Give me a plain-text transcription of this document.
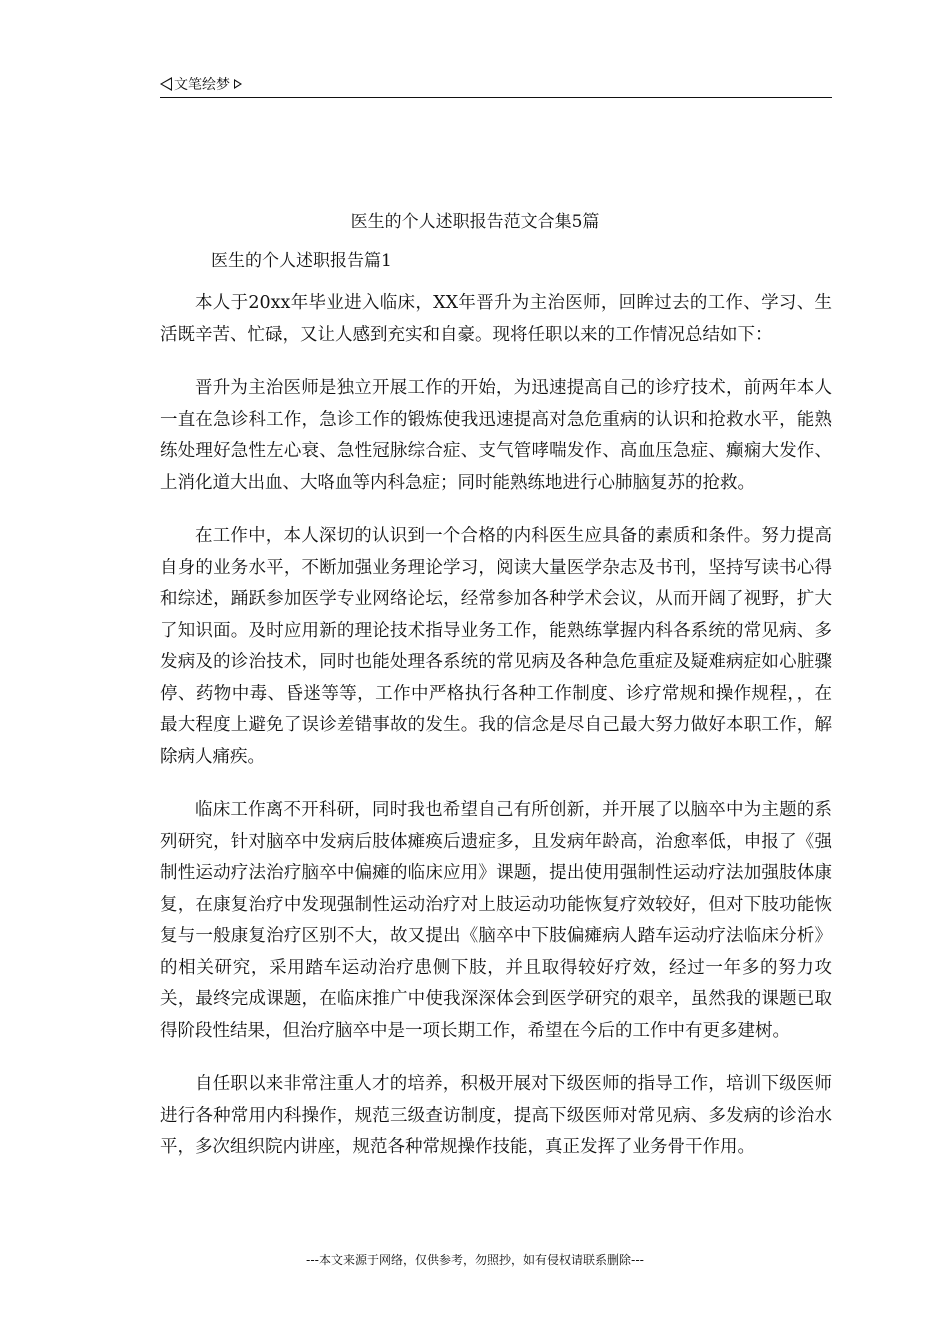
文笔绘梦
医生的个人述职报告范文合集5篇
医生的个人述职报告篇1

本人于20xx年毕业进入临床，XX年晋升为主治医师，回眸过去的工作、学习、生活既辛苦、忙碌，又让人感到充实和自豪。现将任职以来的工作情况总结如下：

晋升为主治医师是独立开展工作的开始，为迅速提高自己的诊疗技术，前两年本人一直在急诊科工作，急诊工作的锻炼使我迅速提高对急危重病的认识和抢救水平，能熟练处理好急性左心衰、急性冠脉综合症、支气管哮喘发作、高血压急症、癫痫大发作、上消化道大出血、大咯血等内科急症；同时能熟练地进行心肺脑复苏的抢救。

在工作中，本人深切的认识到一个合格的内科医生应具备的素质和条件。努力提高自身的业务水平，不断加强业务理论学习，阅读大量医学杂志及书刊，坚持写读书心得和综述，踊跃参加医学专业网络论坛，经常参加各种学术会议，从而开阔了视野，扩大了知识面。及时应用新的理论技术指导业务工作，能熟练掌握内科各系统的常见病、多发病及的诊治技术，同时也能处理各系统的常见病及各种急危重症及疑难病症如心脏骤停、药物中毒、昏迷等等，工作中严格执行各种工作制度、诊疗常规和操作规程，，在最大程度上避免了误诊差错事故的发生。我的信念是尽自己最大努力做好本职工作，解除病人痛疾。

临床工作离不开科研，同时我也希望自己有所创新，并开展了以脑卒中为主题的系列研究，针对脑卒中发病后肢体瘫痪后遗症多，且发病年龄高，治愈率低，申报了《强制性运动疗法治疗脑卒中偏瘫的临床应用》课题，提出使用强制性运动疗法加强肢体康复，在康复治疗中发现强制性运动治疗对上肢运动功能恢复疗效较好，但对下肢功能恢复与一般康复治疗区别不大，故又提出《脑卒中下肢偏瘫病人踏车运动疗法临床分析》的相关研究，采用踏车运动治疗患侧下肢，并且取得较好疗效，经过一年多的努力攻关，最终完成课题，在临床推广中使我深深体会到医学研究的艰辛，虽然我的课题已取得阶段性结果，但治疗脑卒中是一项长期工作，希望在今后的工作中有更多建树。

自任职以来非常注重人才的培养，积极开展对下级医师的指导工作，培训下级医师进行各种常用内科操作，规范三级查访制度，提高下级医师对常见病、多发病的诊治水平，多次组织院内讲座，规范各种常规操作技能，真正发挥了业务骨干作用。

---本文来源于网络，仅供参考，勿照抄，如有侵权请联系删除---
